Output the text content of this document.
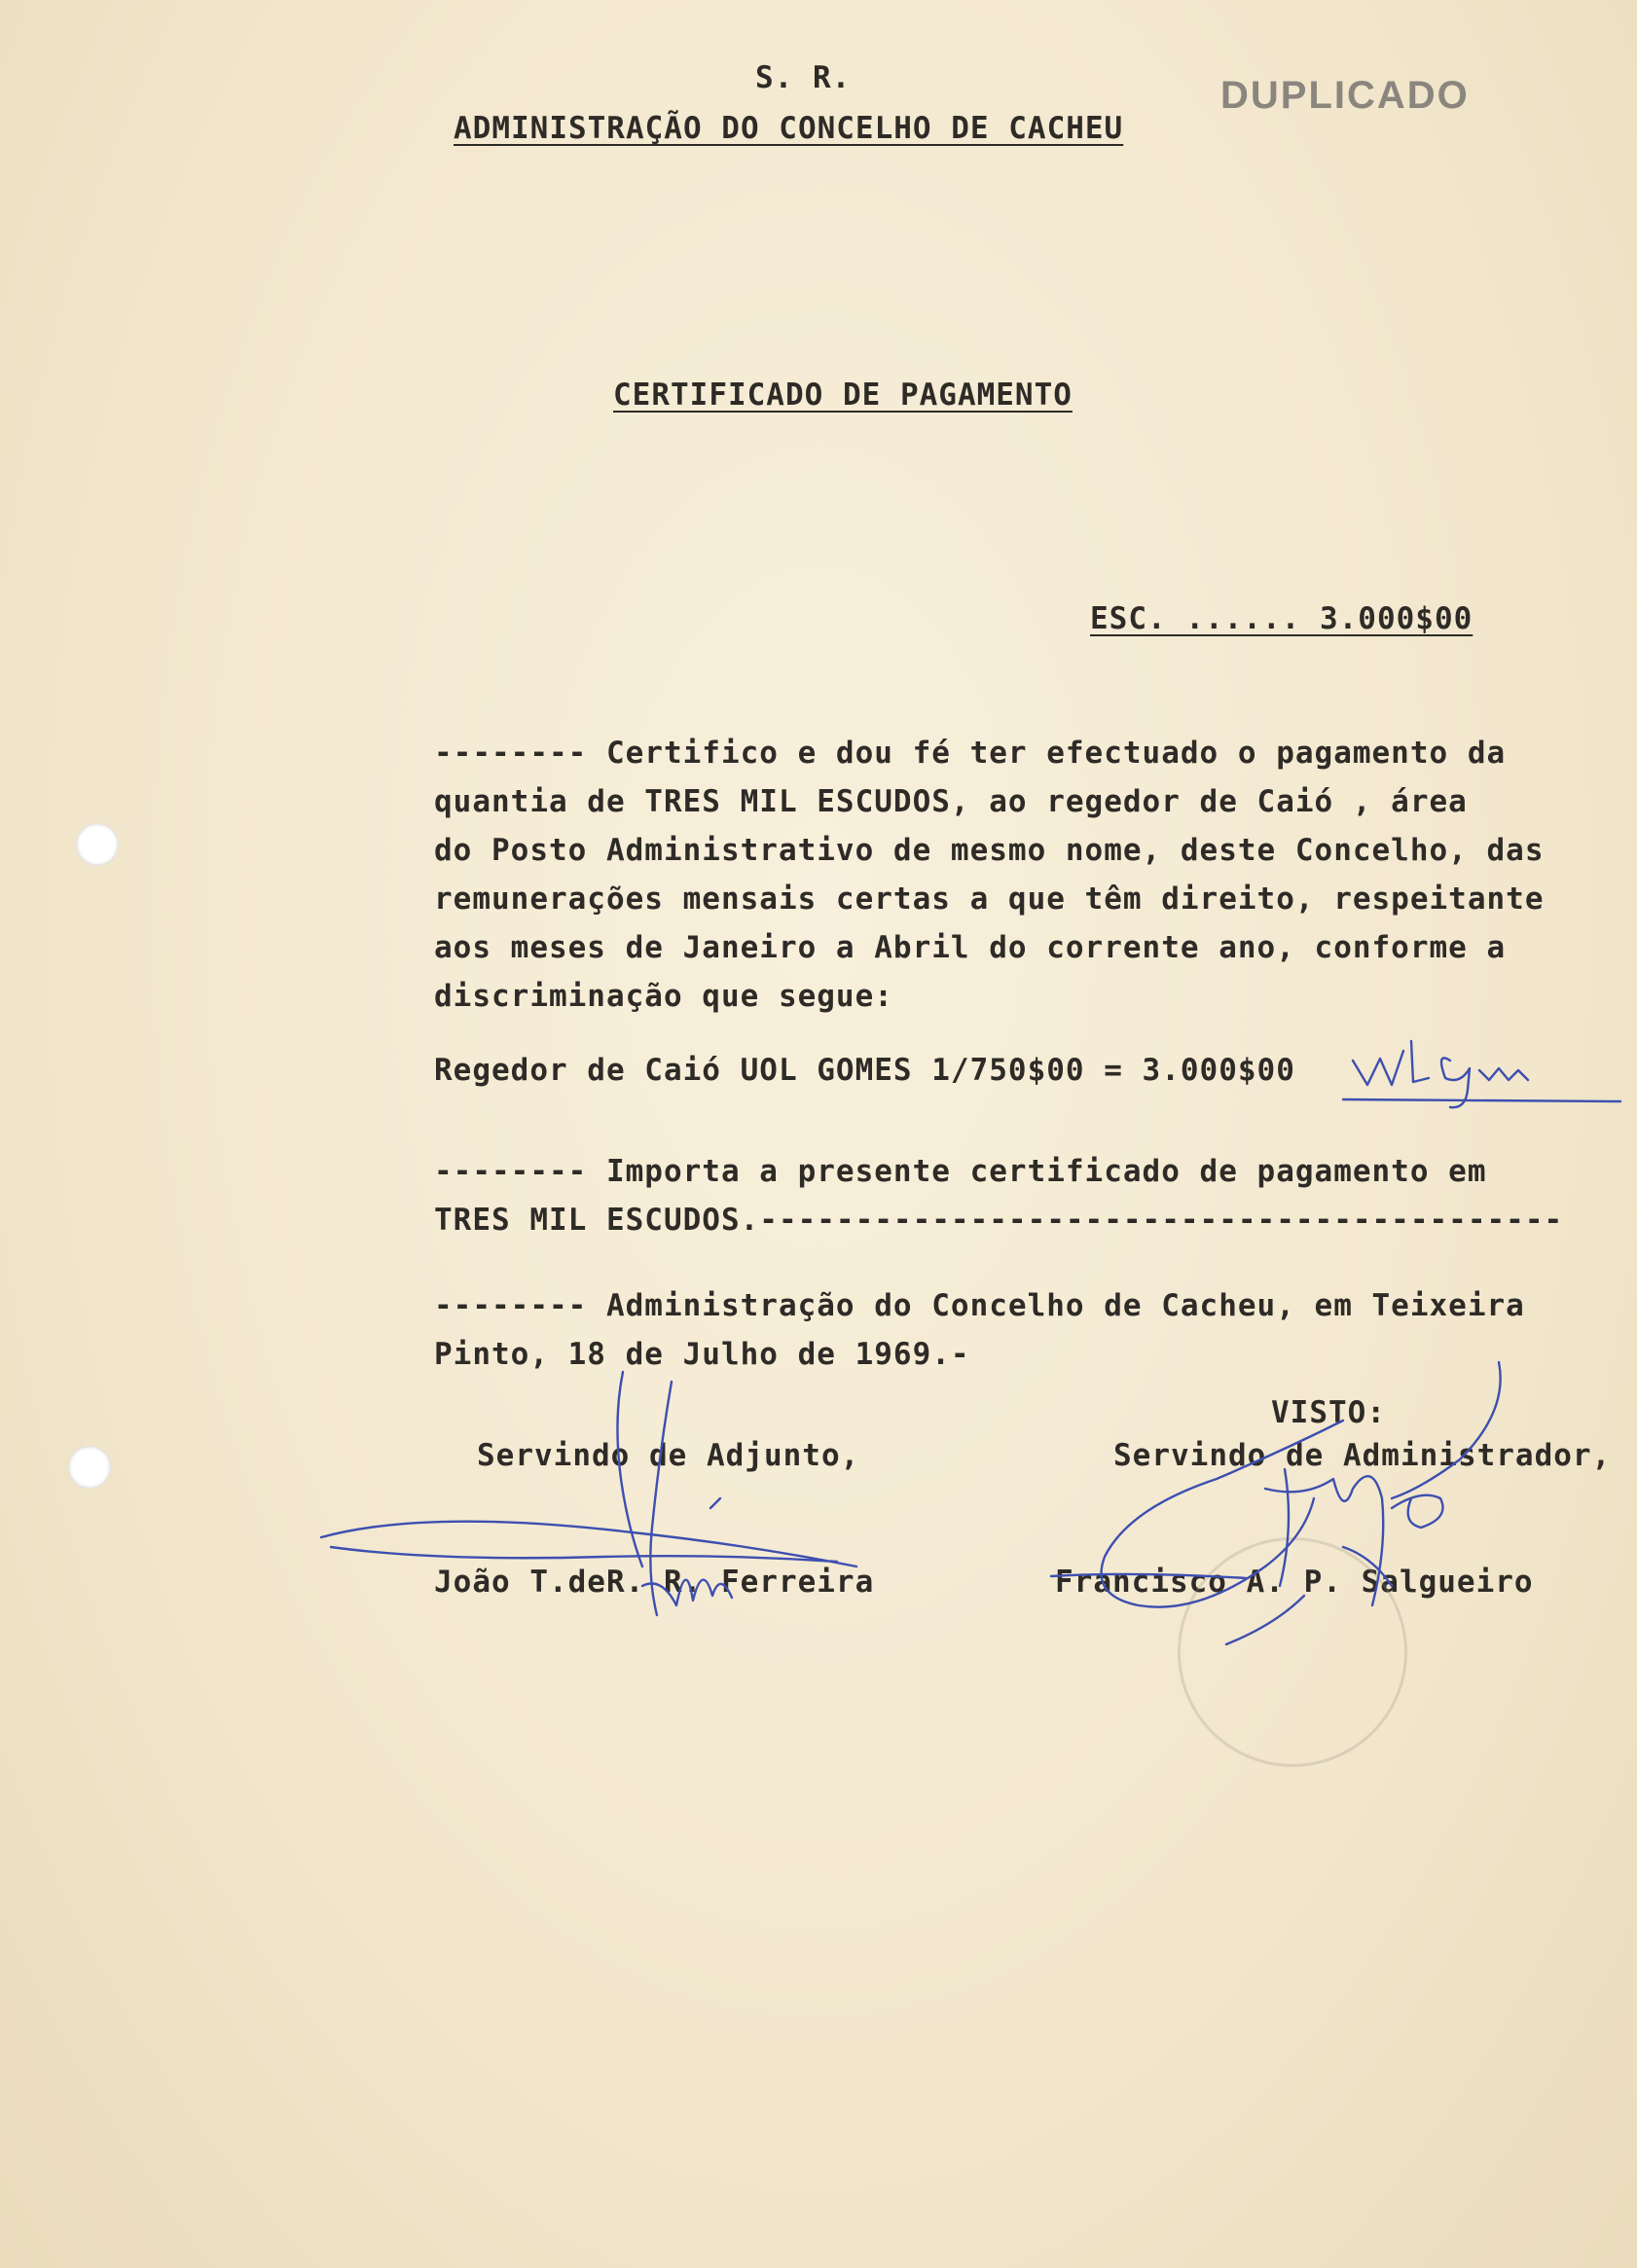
S. R.
ADMINISTRAÇÃO DO CONCELHO DE CACHEU
DUPLICADO
CERTIFICADO DE PAGAMENTO
ESC. ...... 3.000$00
-------- Certifico e dou fé ter efectuado o pagamento da
quantia de TRES MIL ESCUDOS, ao regedor de Caió , área
do Posto Administrativo de mesmo nome, deste Concelho, das
remunerações mensais certas a que têm direito, respeitante
aos meses de Janeiro a Abril do corrente ano, conforme a
discriminação que segue:
Regedor de Caió UOL GOMES 1/750$00 = 3.000$00
-------- Importa a presente certificado de pagamento em
TRES MIL ESCUDOS.------------------------------------------
-------- Administração do Concelho de Cacheu, em Teixeira
Pinto, 18 de Julho de 1969.-
VISTO:
Servindo de Adjunto,	Servindo de Administrador,
João T.deR. R. Ferreira	Francisco A. P. Salgueiro
